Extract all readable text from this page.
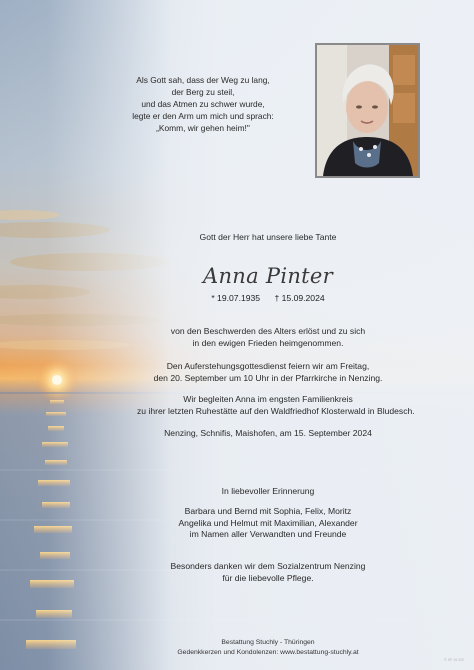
Als Gott sah, dass der Weg zu lang,
der Berg zu steil,
und das Atmen zu schwer wurde,
legte er den Arm um mich und sprach:
„Komm, wir gehen heim!"
Gott der Herr hat unsere liebe Tante
Anna Pinter
* 19.07.1935 † 15.09.2024
von den Beschwerden des Alters erlöst und zu sich
in den ewigen Frieden heimgenommen.
Den Auferstehungsgottesdienst feiern wir am Freitag,
den 20. September um 10 Uhr in der Pfarrkirche in Nenzing.
Wir begleiten Anna im engsten Familienkreis
zu ihrer letzten Ruhestätte auf den Waldfriedhof Klosterwald in Bludesch.
Nenzing, Schnifis, Maishofen, am 15. September 2024
In liebevoller Erinnerung
Barbara und Bernd mit Sophia, Felix, Moritz
Angelika und Helmut mit Maximilian, Alexander
im Namen aller Verwandten und Freunde
Besonders danken wir dem Sozialzentrum Nenzing
für die liebevolle Pflege.
Bestattung Stuchly - Thüringen
Gedenkkerzen und Kondolenzen: www.bestattung-stuchly.at
© SP 16 200
